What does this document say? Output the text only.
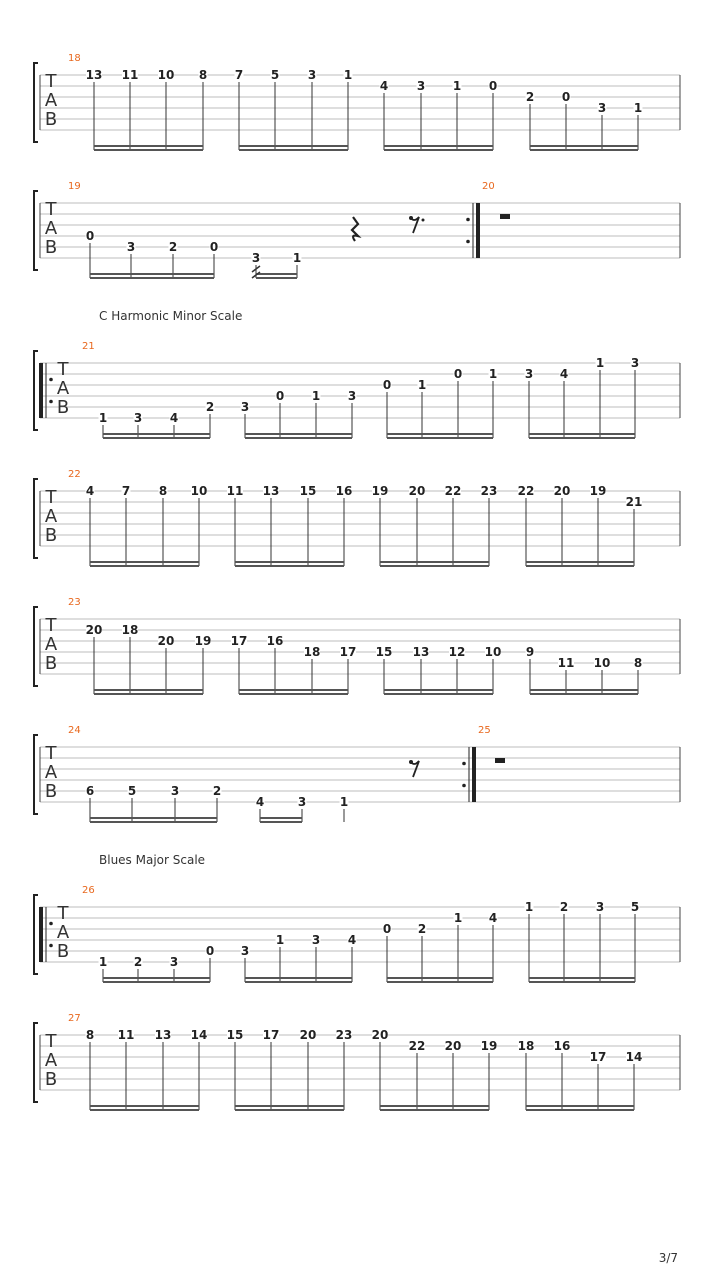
3/7
T
A
B
18
13 11 10 8 7 5 3 1
4 3 1 0
2 0
3 1
T
A
B
19
0
3	2	0
3	1
20
C Harmonic Minor Scale
T
A
B
21
1 3 4
2 3
0 1 3
0 1
0 1 3 4
1 3
T
A
B
22
4 7 8 10 11 13 15 16 19 20 22 23 22 20 19
21
T
A
B
23
20 18
20 19 17 16
18 17 15 13 12 10 9
11 10 8
T
A
B
24
6	5	3	2
4	3	1
25
Blues Major Scale
T
A
B
26
1 2 3
0 3
1 3 4
0 2
1 4
1 2 3 5
T
A
B
27
8 11 13 14 15 17 20 23 20
22 20 19 18 16
17 14
